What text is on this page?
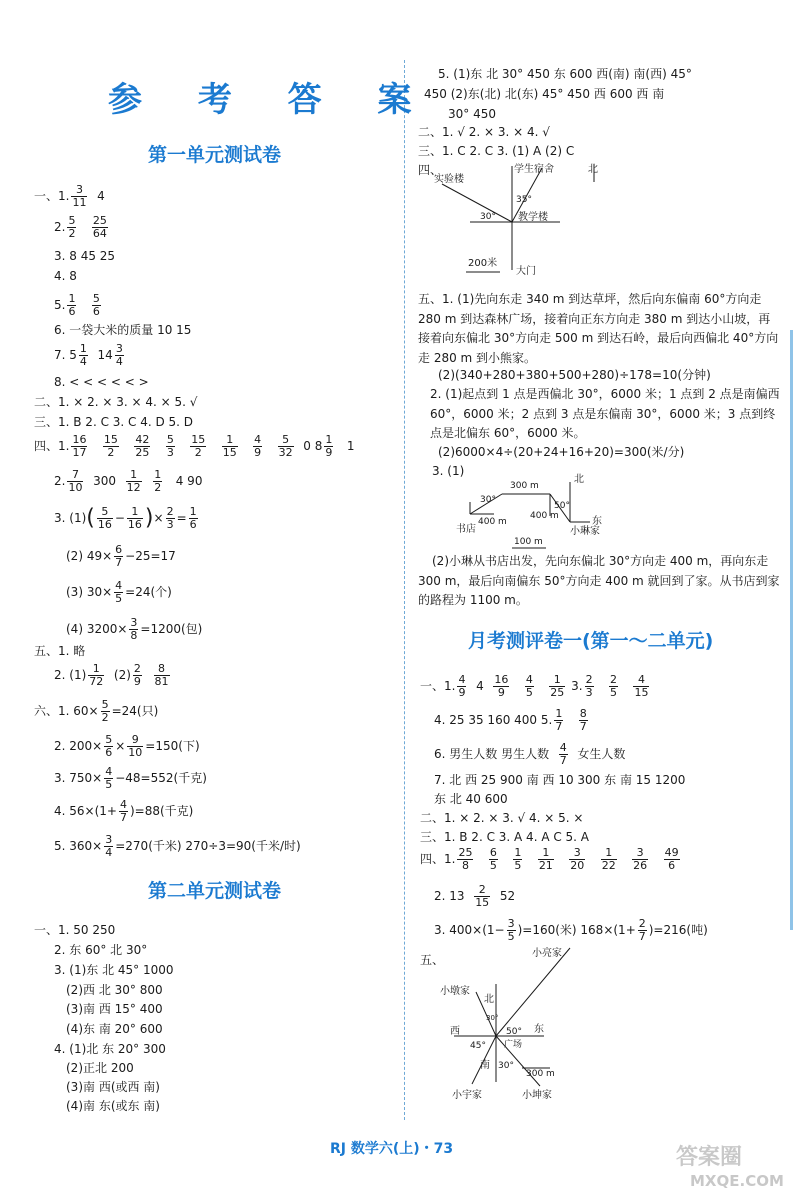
参 考 答 案
第一单元测试卷
一、1. $\frac{3}{11} 4$
2. $\frac{5}{2}$
$\frac{25}{64}$
3. 8 45 25
4. 8
5. $\frac{1}{6}$
$\frac{5}{6}$
6. 一袋大米的质量 10 15
7. $5 \frac{1}{4} 14 \frac{3}{4}$
8. < < < < < >
二、1. × 2. × 3. × 4. × 5. √
三、1. B 2. C 3. C 4. D 5. D
四、1. $\frac{16}{17}$
$\frac{15}{2}$
$\frac{42}{25}$
$\frac{5}{3}$
$\frac{15}{2}$
$\frac{1}{15}$
$\frac{4}{9}$
$\frac{5}{32} 0$ $8 \frac{1}{9} 1$
2. $\frac{7}{10} 300 \frac{1}{12}$
$\frac{1}{2} 4$ 90
3. $(1)( \frac{5}{16} - \frac{1}{16}$ )× $\frac{2}{3} = \frac{1}{6}$
(2) $49\times \frac{6}{7} -25=17$
(3) $30\times \frac{4}{5} =24$(个)
(4) $3200\times \frac{3}{8} =1200$(包)
五、1. 略
2. $(1) \frac{1}{72} (2) \frac{2}{9}$
$\frac{8}{81}$
六、1. $60\times \frac{5}{2} =24$(只)
2. $200\times \frac{5}{6} \times \frac{9}{10} =150$(下)
3. $750\times \frac{4}{5} -48=552$(千克)
4. $56\times(1+ \frac{4}{7} )=88$(千克)
5. $360\times \frac{3}{4} =270$(千米) 270÷3=90(千米/时)
第二单元测试卷
一、1. 50 250
2. 东 60° 北 30°
3. (1)东 北 45° 1000
(2)西 北 30° 800
(3)南 西 15° 400
(4)东 南 20° 600
4. (1)北 东 20° 300
(2)正北 200
(3)南 西(或西 南)
(4)南 东(或东 南)
5. (1)东 北 30° 450 东 600 西(南) 南(西) 45°
450 (2)东(北) 北(东) 45° 450 西 600 西 南
30° 450
二、1. √ 2. × 3. × 4. √
三、1. C 2. C 3. (1) A (2) C
四、	学生宿舍
实验楼
北
35°
30° 教学楼
200米
大门
五、1. (1)先向东走 340 m 到达草坪，然后向东偏南 60°方向走 280 m 到达森林广场，接着向正东方向走 380 m 到达小山坡，再接着向东偏北 30°方向走 500 m 到达石岭，最后向西偏北 40°方向走 280 m 到小熊家。
(2)(340+280+380+500+280)÷178=10(分钟)
2. (1)起点到 1 点是西偏北 30°，6000 米；1 点到 2 点是南偏西 60°，6000 米；2 点到 3 点是东偏南 30°，6000 米；3 点到终点是北偏东 60°，6000 米。
(2)6000×4÷(20+24+16+20)=300(米/分)
3. (1)
北
300 m
30°
50°
400 m
400 m	东
书店	小琳家
100 m
(2)小琳从书店出发，先向东偏北 30°方向走 400 m，再向东走 300 m，最后向南偏东 50°方向走 400 m 就回到了家。从书店到家的路程为 1100 m。
月考测评卷一(第一～二单元)
一、1. $\frac{4}{9} 4 \frac{16}{9}$
$\frac{4}{5}$
$\frac{1}{25} 3$. $\frac{2}{3}$
$\frac{2}{5}$
$\frac{4}{15}$
4. 25 35 160 400 5. $\frac{1}{7}$
$\frac{8}{7}$
6. 男生人数 男生人数 $\frac{4}{7}$ 女生人数
7. 北 西 25 900 南 西 10 300 东 南 15 1200
东 北 40 600
二、1. × 2. × 3. √ 4. × 5. ×
三、1. B 2. C 3. A 4. A C 5. A
四、1. $\frac{25}{8}$
$\frac{6}{5}$
$\frac{1}{5}$
$\frac{1}{21}$
$\frac{3}{20}$
$\frac{1}{22}$
$\frac{3}{26}$
$\frac{49}{6}$
2. $13 \frac{2}{15} 52$
3. $400\times(1- \frac{3}{5} )=160$(米) $168\times(1+ \frac{2}{7} )=216$(吨)
五、	小亮家
小墩家
北
30°
西	东
50°
广场
45°
南 30°
300 m
小宇家	小坤家
RJ 数学六(上)・73	答案圈
MXQE.COM
